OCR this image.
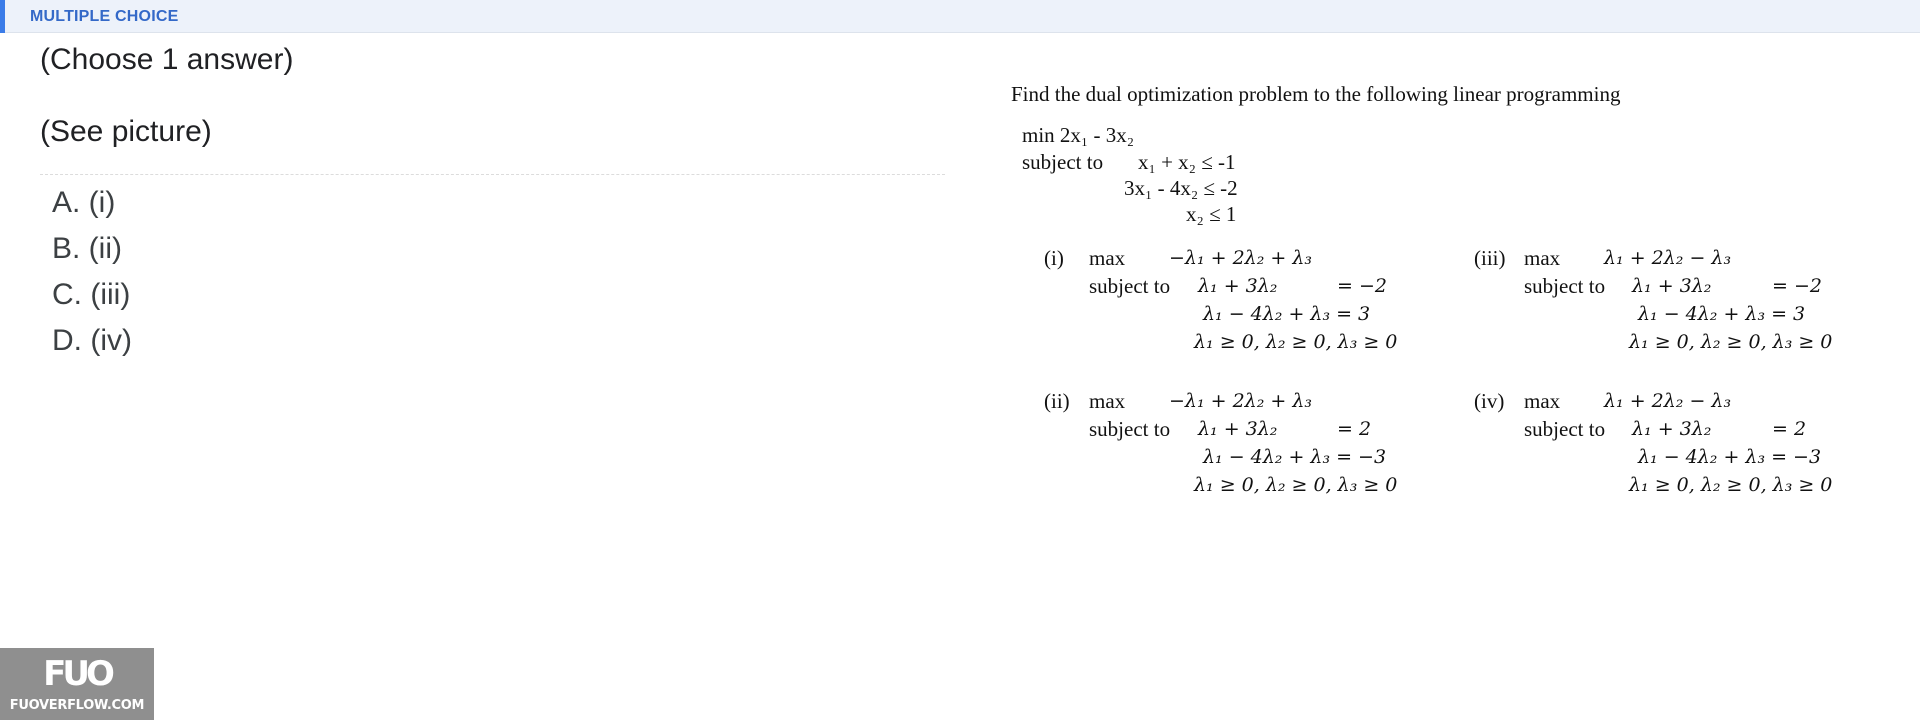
MULTIPLE CHOICE
(Choose 1 answer)
(See picture)
A. (i)
B. (ii)
C. (iii)
D. (iv)
Find the dual optimization problem to the following linear programming
min 2x₁ - 3x₂
subject to x₁ + x₂ ≤ -1
3x₁ - 4x₂ ≤ -2
x₂ ≤ 1
(i) max −λ₁ + 2λ₂ + λ₃
subject to λ₁ + 3λ₂	= −2
λ₁ − 4λ₂ + λ₃ = 3
λ₁ ≥ 0, λ₂ ≥ 0, λ₃ ≥ 0
(iii) max λ₁ + 2λ₂ − λ₃
subject to λ₁ + 3λ₂	= −2
λ₁ − 4λ₂ + λ₃ = 3
λ₁ ≥ 0, λ₂ ≥ 0, λ₃ ≥ 0
(ii) max −λ₁ + 2λ₂ + λ₃
subject to λ₁ + 3λ₂	= 2
λ₁ − 4λ₂ + λ₃ = −3
λ₁ ≥ 0, λ₂ ≥ 0, λ₃ ≥ 0
(iv) max λ₁ + 2λ₂ − λ₃
subject to λ₁ + 3λ₂	= 2
λ₁ − 4λ₂ + λ₃ = −3
λ₁ ≥ 0, λ₂ ≥ 0, λ₃ ≥ 0
FUO
FUOVERFLOW.COM
